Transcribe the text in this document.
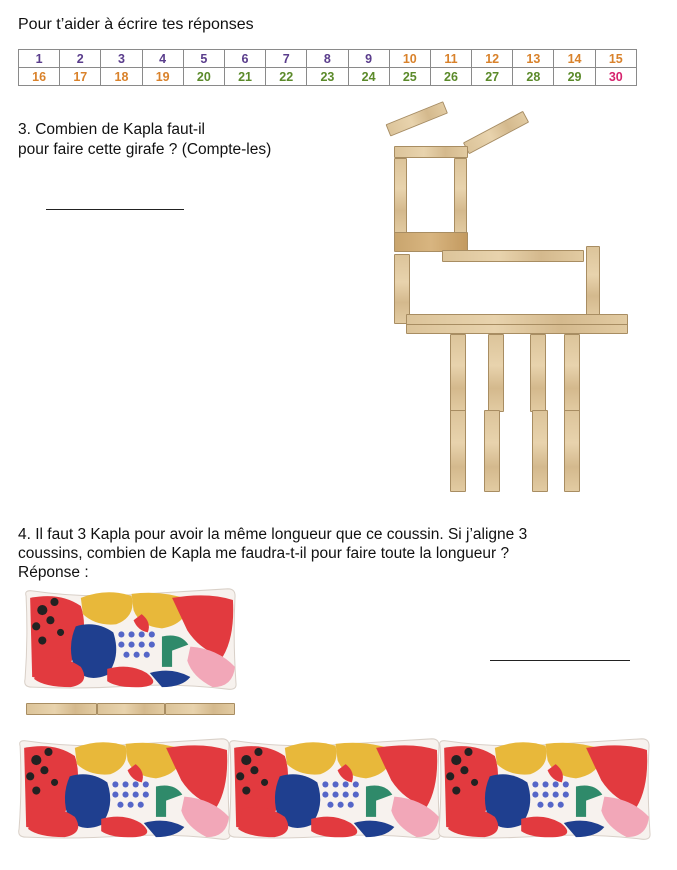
Pour t’aider à écrire tes réponses
1	2	3	4	5	6	7	8	9	10	11	12	13	14	15
16	17	18	19	20	21	22	23	24	25	26	27	28	29	30
3. Combien de Kapla faut-il
pour faire cette girafe ? (Compte-les)
4. Il faut 3 Kapla pour avoir la même longueur que ce coussin. Si j’aligne 3
coussins, combien de Kapla me faudra-t-il pour faire toute la longueur ?
Réponse :
